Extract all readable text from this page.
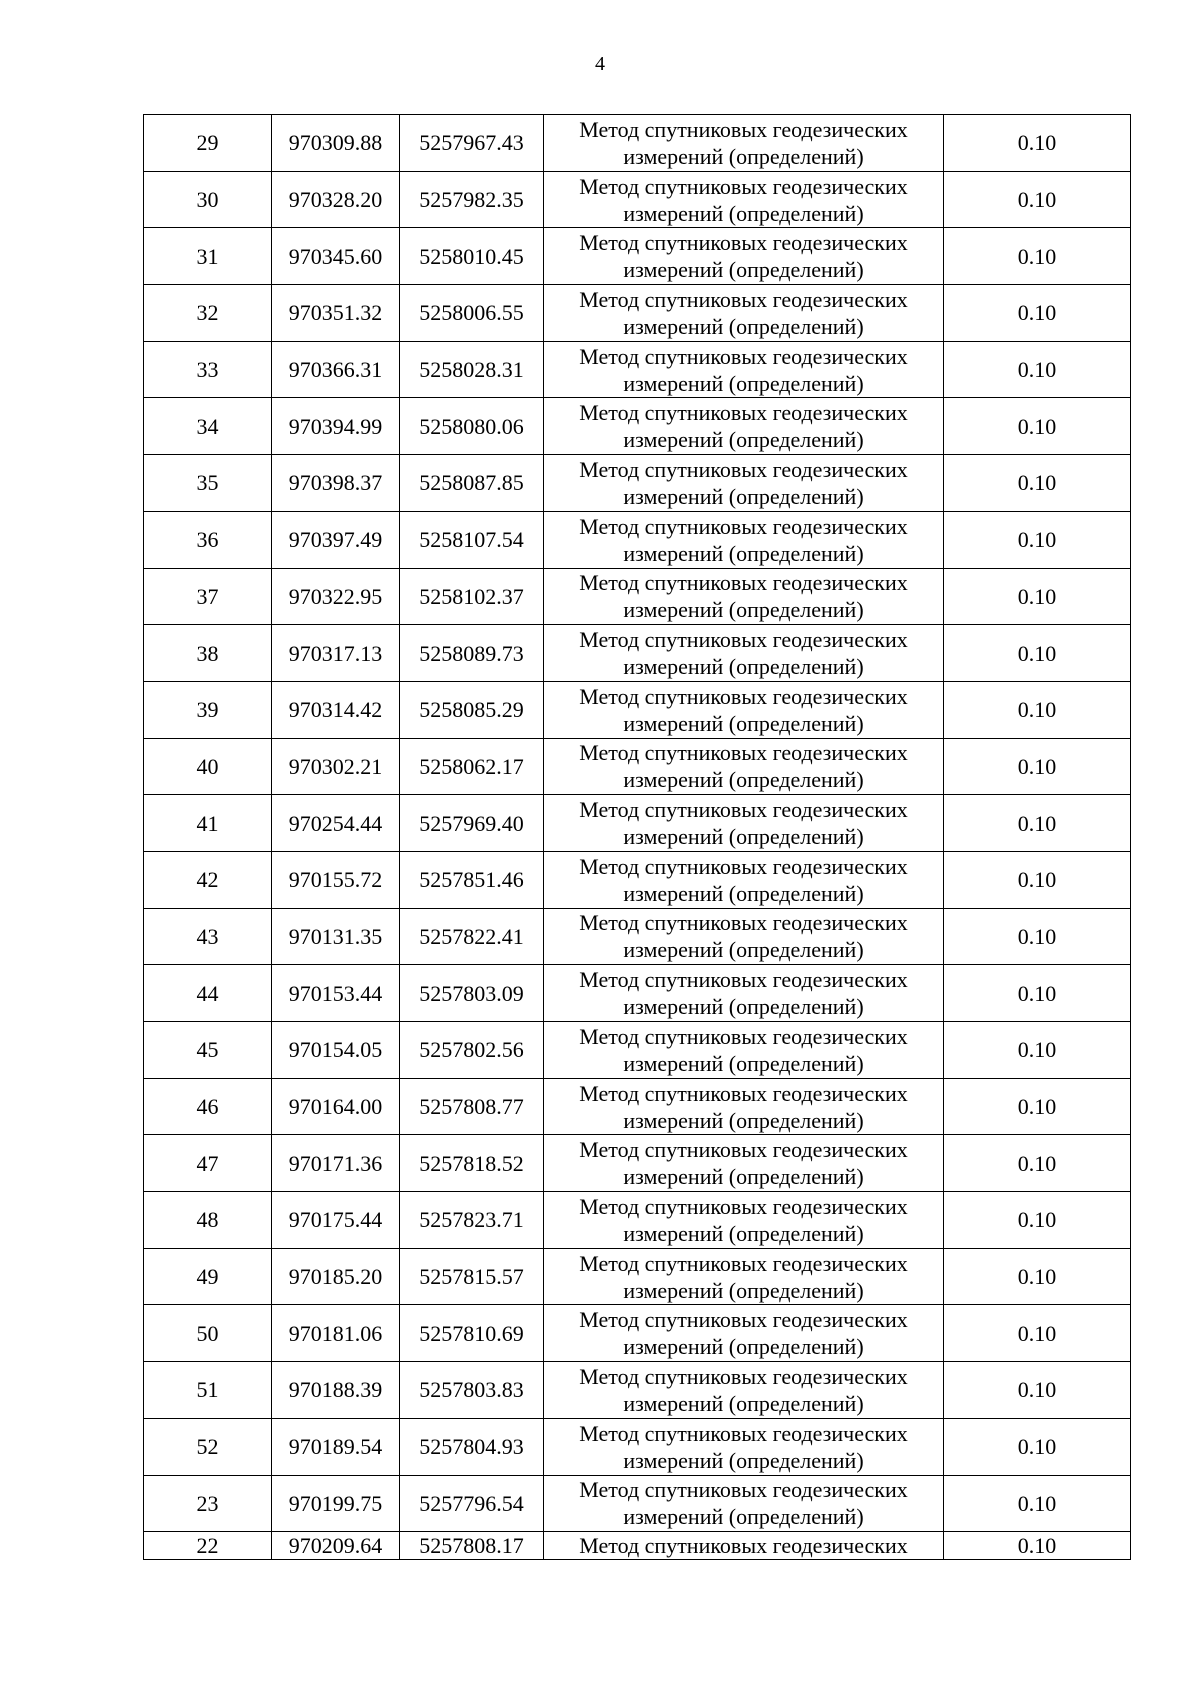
4
29	970309.88	5257967.43	Метод спутниковых геодезических
измерений (определений)	0.10
30	970328.20	5257982.35	Метод спутниковых геодезических
измерений (определений)	0.10
31	970345.60	5258010.45	Метод спутниковых геодезических
измерений (определений)	0.10
32	970351.32	5258006.55	Метод спутниковых геодезических
измерений (определений)	0.10
33	970366.31	5258028.31	Метод спутниковых геодезических
измерений (определений)	0.10
34	970394.99	5258080.06	Метод спутниковых геодезических
измерений (определений)	0.10
35	970398.37	5258087.85	Метод спутниковых геодезических
измерений (определений)	0.10
36	970397.49	5258107.54	Метод спутниковых геодезических
измерений (определений)	0.10
37	970322.95	5258102.37	Метод спутниковых геодезических
измерений (определений)	0.10
38	970317.13	5258089.73	Метод спутниковых геодезических
измерений (определений)	0.10
39	970314.42	5258085.29	Метод спутниковых геодезических
измерений (определений)	0.10
40	970302.21	5258062.17	Метод спутниковых геодезических
измерений (определений)	0.10
41	970254.44	5257969.40	Метод спутниковых геодезических
измерений (определений)	0.10
42	970155.72	5257851.46	Метод спутниковых геодезических
измерений (определений)	0.10
43	970131.35	5257822.41	Метод спутниковых геодезических
измерений (определений)	0.10
44	970153.44	5257803.09	Метод спутниковых геодезических
измерений (определений)	0.10
45	970154.05	5257802.56	Метод спутниковых геодезических
измерений (определений)	0.10
46	970164.00	5257808.77	Метод спутниковых геодезических
измерений (определений)	0.10
47	970171.36	5257818.52	Метод спутниковых геодезических
измерений (определений)	0.10
48	970175.44	5257823.71	Метод спутниковых геодезических
измерений (определений)	0.10
49	970185.20	5257815.57	Метод спутниковых геодезических
измерений (определений)	0.10
50	970181.06	5257810.69	Метод спутниковых геодезических
измерений (определений)	0.10
51	970188.39	5257803.83	Метод спутниковых геодезических
измерений (определений)	0.10
52	970189.54	5257804.93	Метод спутниковых геодезических
измерений (определений)	0.10
23	970199.75	5257796.54	Метод спутниковых геодезических
измерений (определений)	0.10
22	970209.64	5257808.17	Метод спутниковых геодезических	0.10
